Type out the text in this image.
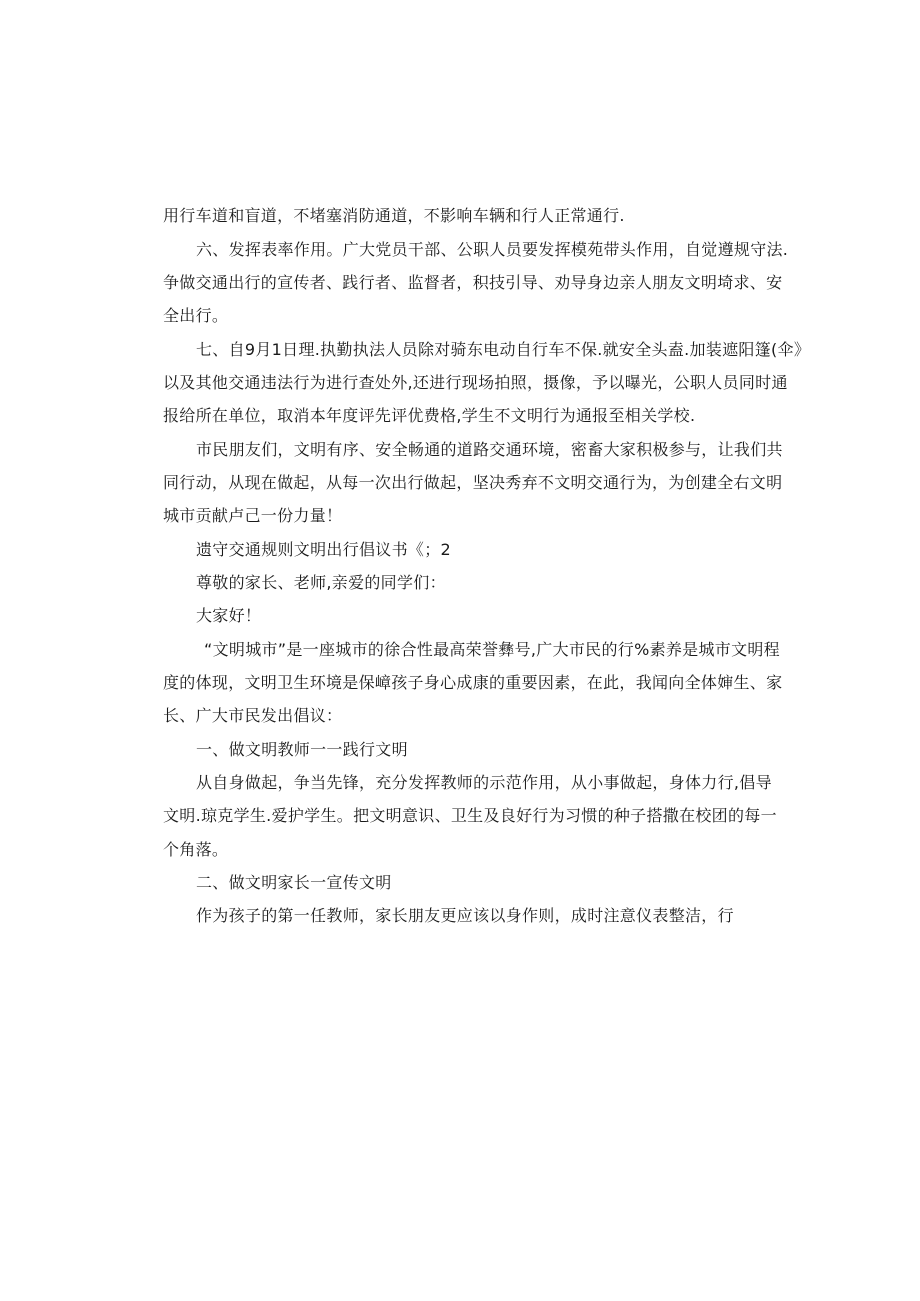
用行车道和盲道，不堵塞消防通道，不影响车辆和行人正常通行.
六、发挥表率作用。广大党员干部、公职人员要发挥模苑带头作用，自觉遵规守法.
争做交通出行的宣传者、践行者、监督者，积技引导、劝导身边亲人朋友文明埼求、安
全出行。
七、自9月1日理.执勤执法人员除对骑东电动自行车不保.就安全头盍.加装遮阳篷(伞》
以及其他交通违法行为进行查处外,还进行现场拍照，摄像，予以曝光，公职人员同时通
报给所在单位，取消本年度评先评优费格,学生不文明行为通报至相关学校.
市民朋友们，文明有序、安全畅通的道路交通环境，密畜大家积极参与，让我们共
同行动，从现在做起，从每一次出行做起，坚决秀弃不文明交通行为，为创建全右文明
城市贡献卢己一份力量！
遗守交通规则文明出行倡议书《；2
尊敬的家长、老师,亲爱的同学们：
大家好！
“文明城市”是一座城市的徐合性最高荣誉彝号,广大市民的行%素养是城市文明程
度的体现，文明卫生环境是保嶂孩子身心成康的重要因素，在此，我闻向全体婶生、家
长、广大市民发出倡议：
一、做文明教师一一践行文明
从自身做起，争当先锋，充分发挥教师的示范作用，从小事做起，身体力行,倡导
文明.琼克学生.爱护学生。把文明意识、卫生及良好行为习惯的种子搭撒在校团的每一
个角落。
二、做文明家长一宣传文明
作为孩子的第一任教师，家长朋友更应该以身作则，成时注意仪表整洁，行
